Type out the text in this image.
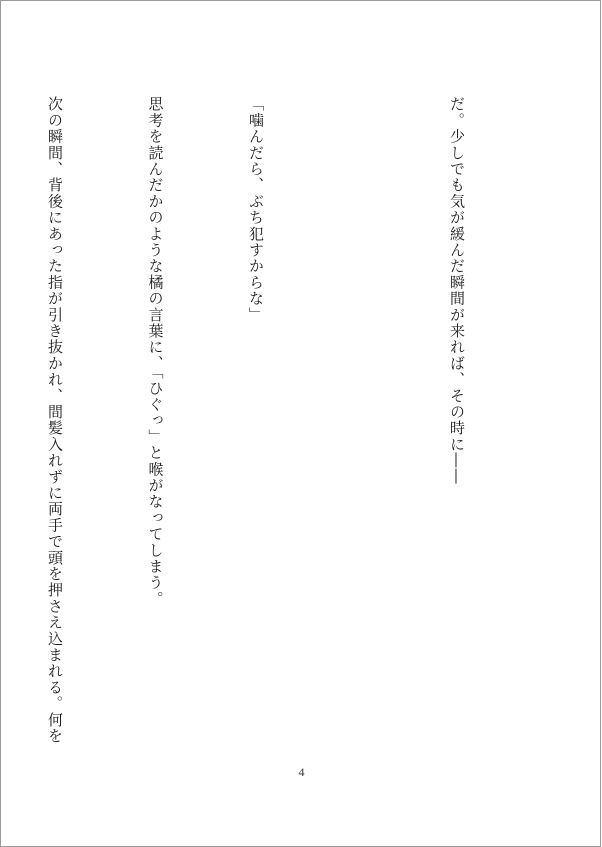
だ。少しでも気が緩んだ瞬間が来れば、その時に――

「噛んだら、ぶち犯すからな」

思考を読んだかのような橘の言葉に、「ひぐっ」と喉がなってしまう。

次の瞬間、背後にあった指が引き抜かれ、間髪入れずに両手で頭を押さえ込まれる。何を

4
